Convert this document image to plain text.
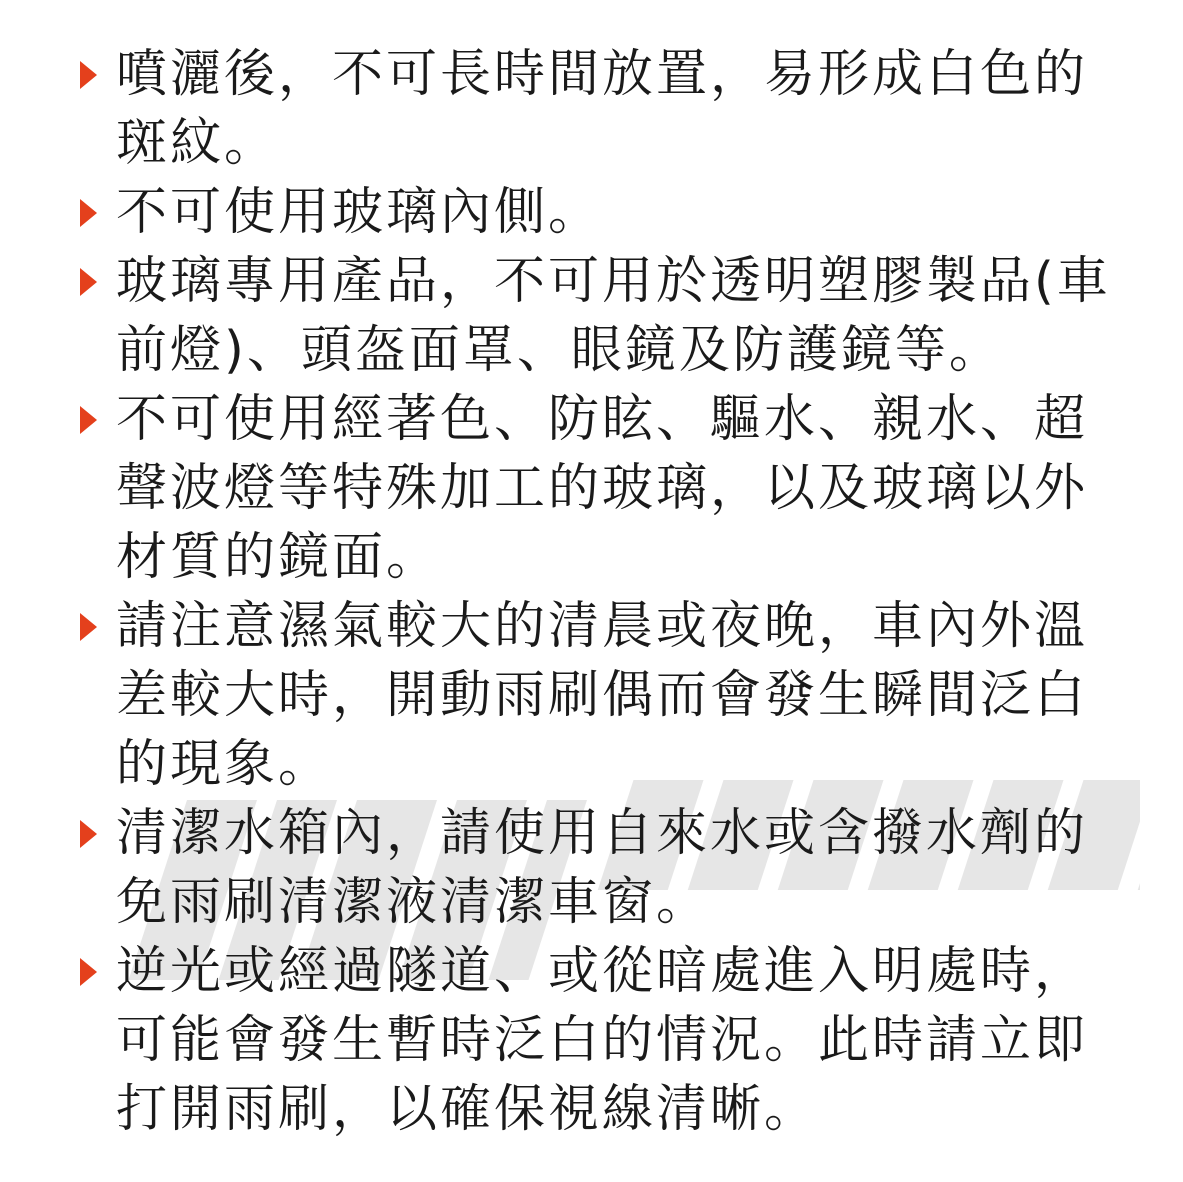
噴灑後，不可長時間放置，易形成白色的斑紋。
不可使用玻璃內側。
玻璃專用產品，不可用於透明塑膠製品(車前燈)、頭盔面罩、眼鏡及防護鏡等。
不可使用經著色、防眩、驅水、親水、超聲波燈等特殊加工的玻璃，以及玻璃以外材質的鏡面。
請注意濕氣較大的清晨或夜晚，車內外溫差較大時，開動雨刷偶而會發生瞬間泛白的現象。
清潔水箱內，請使用自來水或含撥水劑的免雨刷清潔液清潔車窗。
逆光或經過隧道、或從暗處進入明處時，可能會發生暫時泛白的情況。此時請立即打開雨刷，以確保視線清晰。
